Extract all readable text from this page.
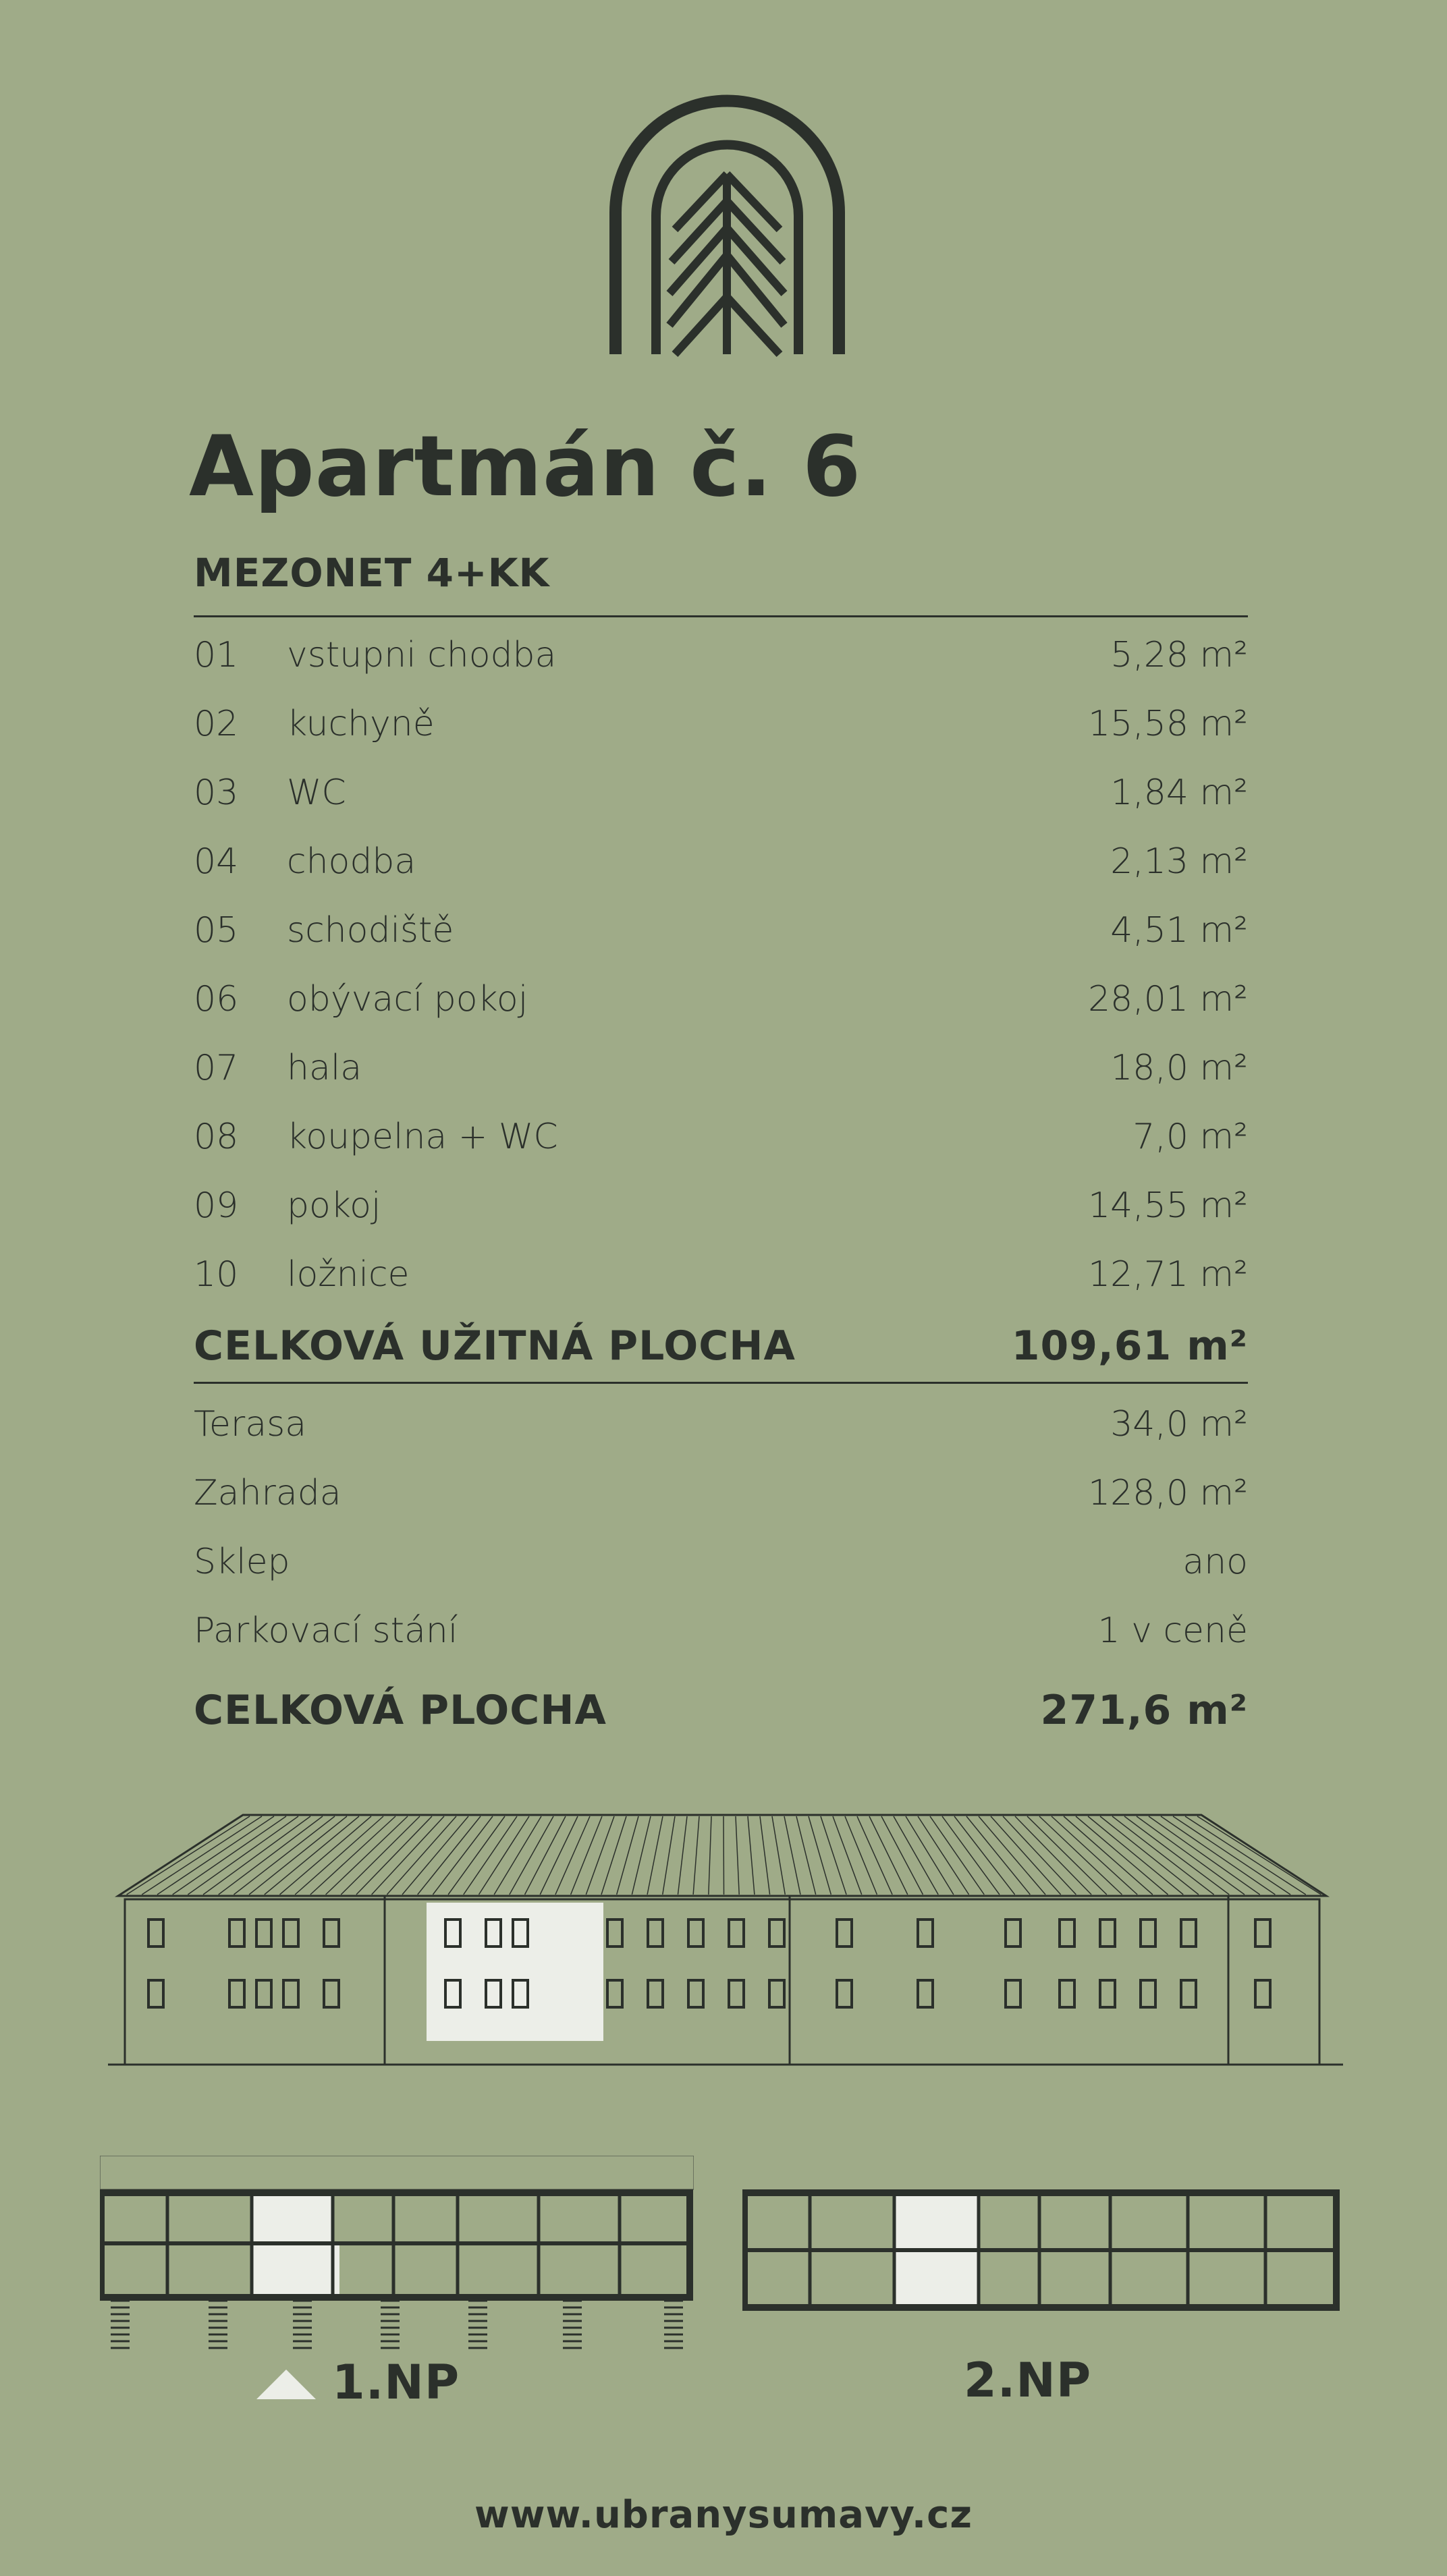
Apartmán č. 6
MEZONET 4+KK
01	vstupni chodba	5,28 m²
02	kuchyně	15,58 m²
03	WC	1,84 m²
04	chodba	2,13 m²
05	schodiště	4,51 m²
06	obývací pokoj	28,01 m²
07	hala	18,0 m²
08	koupelna + WC	7,0 m²
09	pokoj	14,55 m²
10	ložnice	12,71 m²
CELKOVÁ UŽITNÁ PLOCHA	109,61 m²
Terasa	34,0 m²
Zahrada	128,0 m²
Sklep	ano
Parkovací stání	1 v ceně
CELKOVÁ PLOCHA	271,6 m²
1.NP	2.NP
www.ubranysumavy.cz
